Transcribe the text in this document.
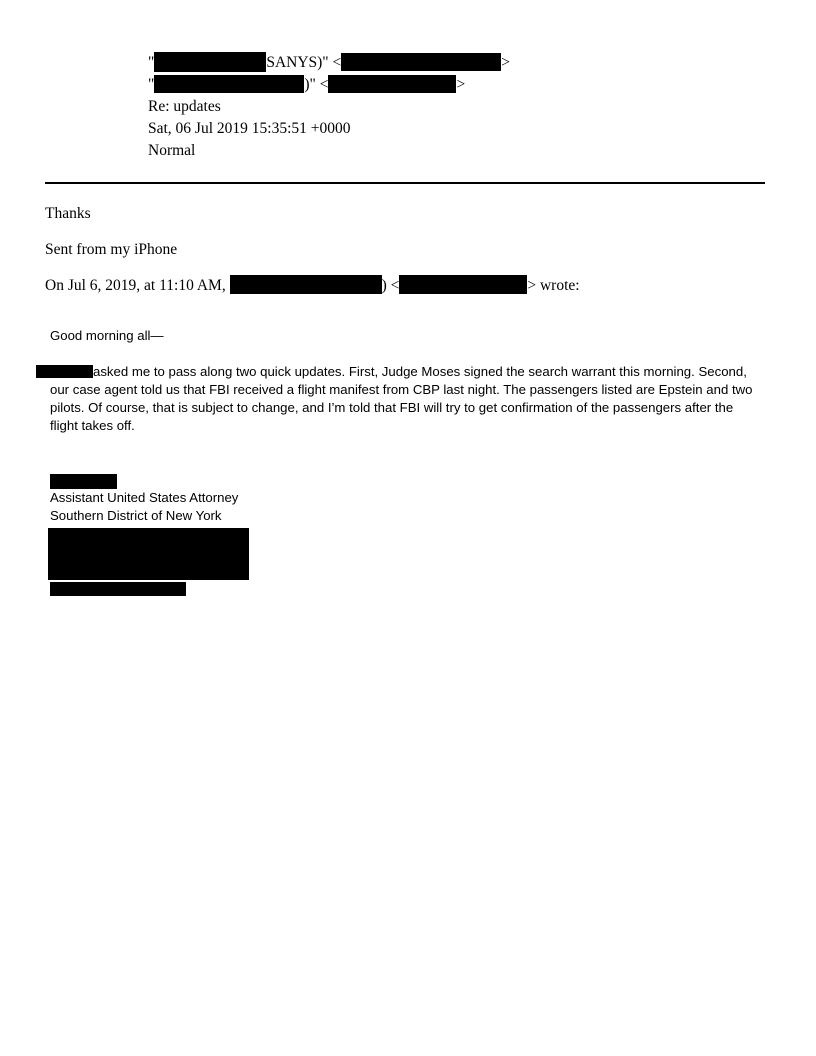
"	SANYS)" <	>
"	)" <	>
Re: updates
Sat, 06 Jul 2019 15:35:51 +0000
Normal
Thanks
Sent from my iPhone
On Jul 6, 2019, at 11:10 AM,	) <	> wrote:
Good morning all—
asked me to pass along two quick updates. First, Judge Moses signed the search warrant this morning. Second,
our case agent told us that FBI received a flight manifest from CBP last night. The passengers listed are Epstein and two
pilots. Of course, that is subject to change, and I’m told that FBI will try to get confirmation of the passengers after the
flight takes off.
Assistant United States Attorney
Southern District of New York
